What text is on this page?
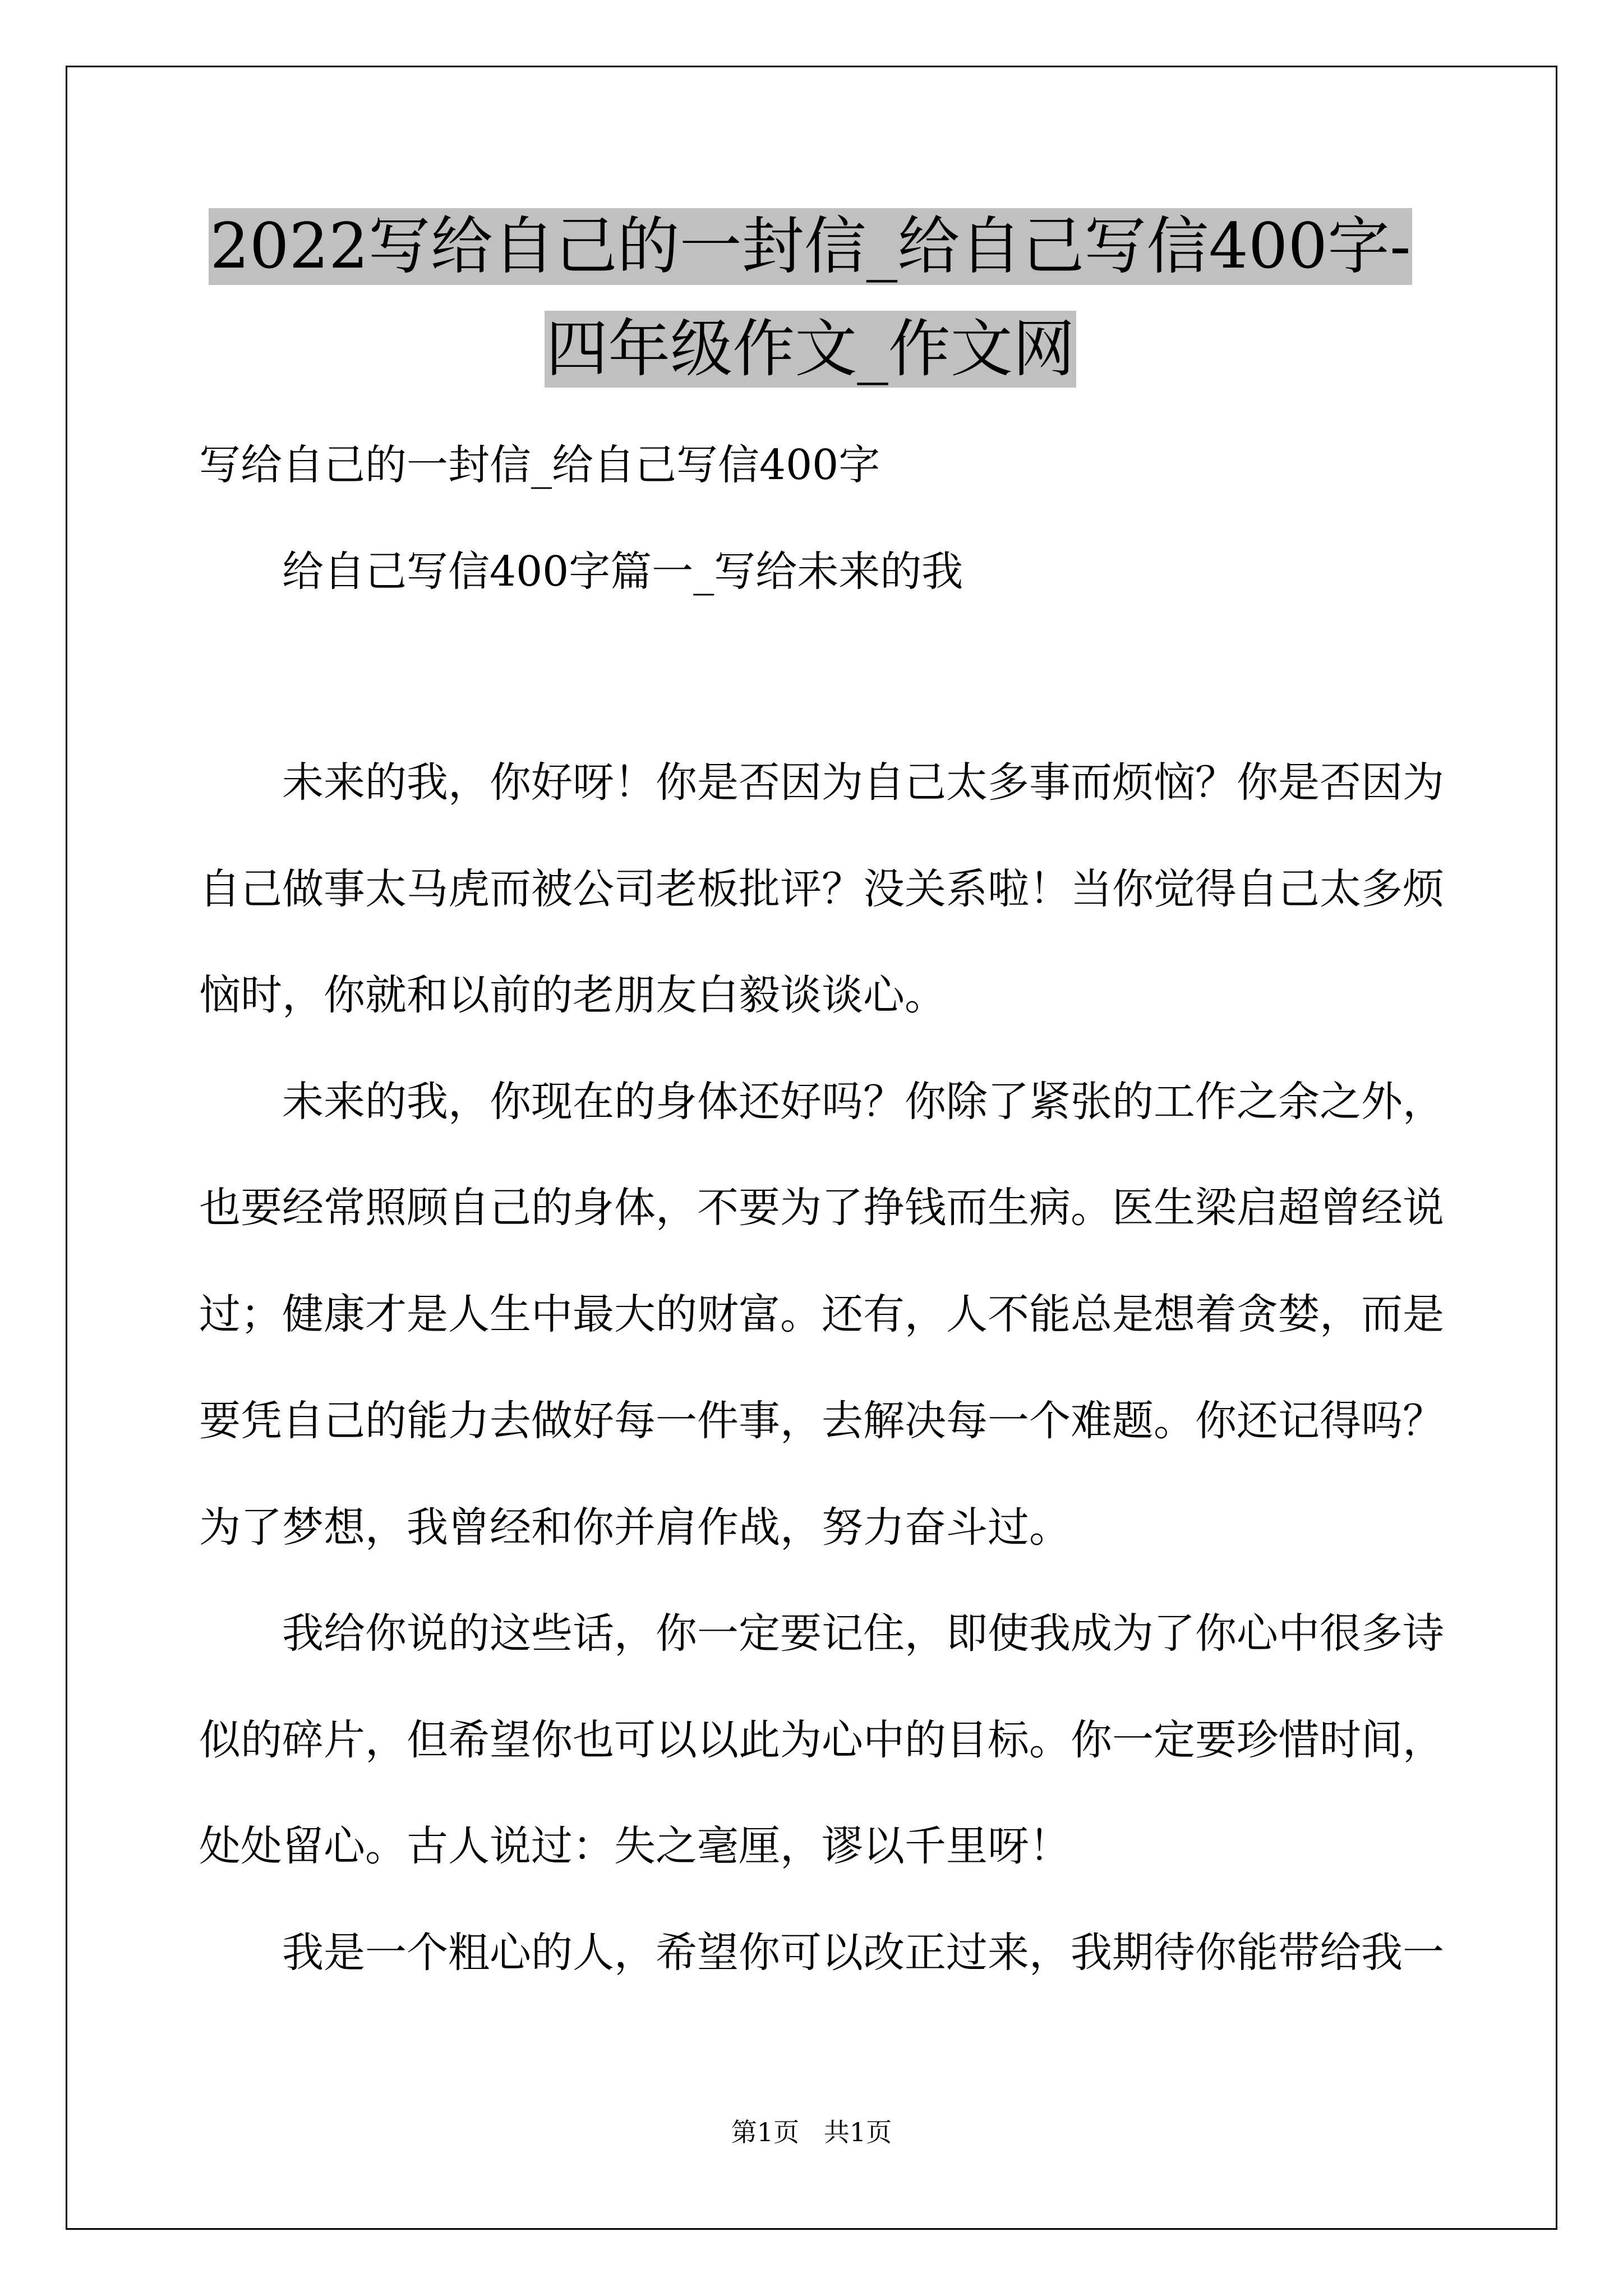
2022写给自己的一封信_给自己写信400字-四年级作文_作文网
写给自己的一封信_给自己写信400字
给自己写信400字篇一_写给未来的我
未来的我，你好呀！你是否因为自己太多事而烦恼？你是否因为
自己做事太马虎而被公司老板批评？没关系啦！当你觉得自己太多烦
恼时，你就和以前的老朋友白毅谈谈心。
未来的我，你现在的身体还好吗？你除了紧张的工作之余之外，
也要经常照顾自己的身体，不要为了挣钱而生病。医生梁启超曾经说
过；健康才是人生中最大的财富。还有，人不能总是想着贪婪，而是
要凭自己的能力去做好每一件事，去解决每一个难题。你还记得吗？
为了梦想，我曾经和你并肩作战，努力奋斗过。
我给你说的这些话，你一定要记住，即使我成为了你心中很多诗
似的碎片，但希望你也可以以此为心中的目标。你一定要珍惜时间，
处处留心。古人说过：失之毫厘，谬以千里呀！
我是一个粗心的人，希望你可以改正过来，我期待你能带给我一
第1页   共1页
